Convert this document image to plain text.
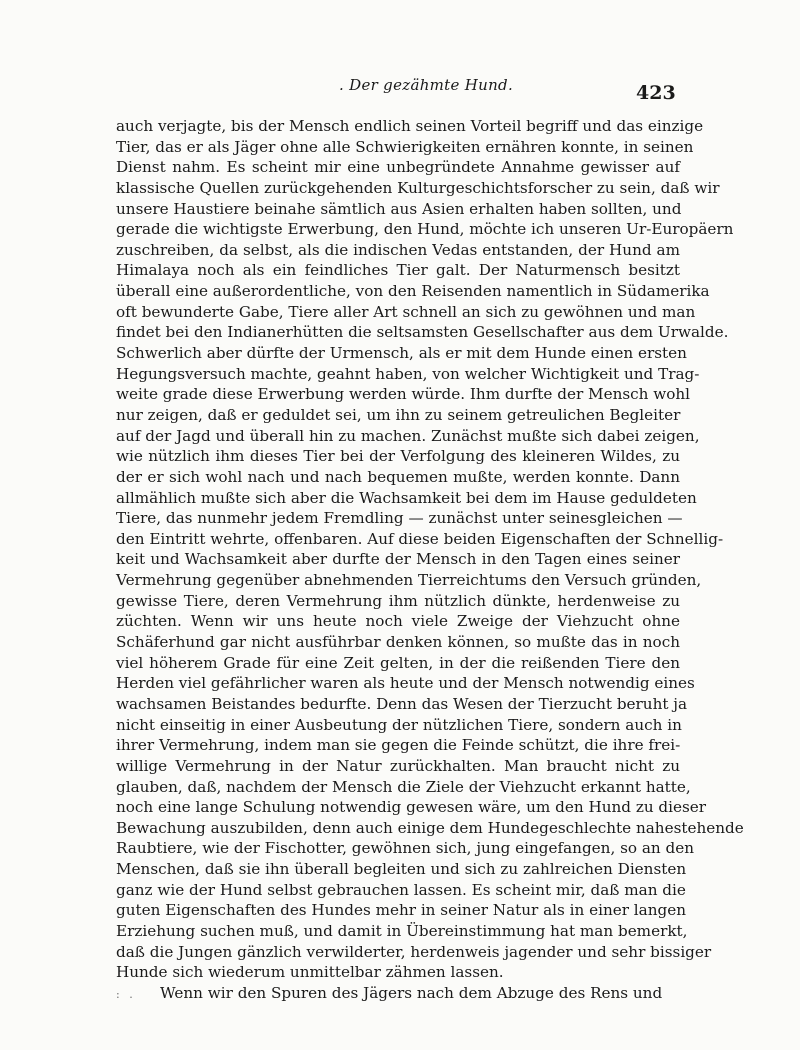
. Der gezähmte Hund.	423
auch verjagte, bis der Mensch endlich seinen Vorteil begriff und das einzige
Tier, das er als Jäger ohne alle Schwierigkeiten ernähren konnte, in seinen
Dienst nahm. Es scheint mir eine unbegründete Annahme gewisser auf
klassische Quellen zurückgehenden Kulturgeschichtsforscher zu sein, daß wir
unsere Haustiere beinahe sämtlich aus Asien erhalten haben sollten, und
gerade die wichtigste Erwerbung, den Hund, möchte ich unseren Ur-Europäern
zuschreiben, da selbst, als die indischen Vedas entstanden, der Hund am
Himalaya noch als ein feindliches Tier galt. Der Naturmensch besitzt
überall eine außerordentliche, von den Reisenden namentlich in Südamerika
oft bewunderte Gabe, Tiere aller Art schnell an sich zu gewöhnen und man
findet bei den Indianerhütten die seltsamsten Gesellschafter aus dem Urwalde.
Schwerlich aber dürfte der Urmensch, als er mit dem Hunde einen ersten
Hegungsversuch machte, geahnt haben, von welcher Wichtigkeit und Trag-
weite grade diese Erwerbung werden würde. Ihm durfte der Mensch wohl
nur zeigen, daß er geduldet sei, um ihn zu seinem getreulichen Begleiter
auf der Jagd und überall hin zu machen. Zunächst mußte sich dabei zeigen,
wie nützlich ihm dieses Tier bei der Verfolgung des kleineren Wildes, zu
der er sich wohl nach und nach bequemen mußte, werden konnte. Dann
allmählich mußte sich aber die Wachsamkeit bei dem im Hause geduldeten
Tiere, das nunmehr jedem Fremdling — zunächst unter seinesgleichen —
den Eintritt wehrte, offenbaren. Auf diese beiden Eigenschaften der Schnellig-
keit und Wachsamkeit aber durfte der Mensch in den Tagen eines seiner
Vermehrung gegenüber abnehmenden Tierreichtums den Versuch gründen,
gewisse Tiere, deren Vermehrung ihm nützlich dünkte, herdenweise zu
züchten. Wenn wir uns heute noch viele Zweige der Viehzucht ohne
Schäferhund gar nicht ausführbar denken können, so mußte das in noch
viel höherem Grade für eine Zeit gelten, in der die reißenden Tiere den
Herden viel gefährlicher waren als heute und der Mensch notwendig eines
wachsamen Beistandes bedurfte. Denn das Wesen der Tierzucht beruht ja
nicht einseitig in einer Ausbeutung der nützlichen Tiere, sondern auch in
ihrer Vermehrung, indem man sie gegen die Feinde schützt, die ihre frei-
willige Vermehrung in der Natur zurückhalten. Man braucht nicht zu
glauben, daß, nachdem der Mensch die Ziele der Viehzucht erkannt hatte,
noch eine lange Schulung notwendig gewesen wäre, um den Hund zu dieser
Bewachung auszubilden, denn auch einige dem Hundegeschlechte nahestehende
Raubtiere, wie der Fischotter, gewöhnen sich, jung eingefangen, so an den
Menschen, daß sie ihn überall begleiten und sich zu zahlreichen Diensten
ganz wie der Hund selbst gebrauchen lassen. Es scheint mir, daß man die
guten Eigenschaften des Hundes mehr in seiner Natur als in einer langen
Erziehung suchen muß, und damit in Übereinstimmung hat man bemerkt,
daß die Jungen gänzlich verwilderter, herdenweis jagender und sehr bissiger
Hunde sich wiederum unmittelbar zähmen lassen.
: . Wenn wir den Spuren des Jägers nach dem Abzuge des Rens und
